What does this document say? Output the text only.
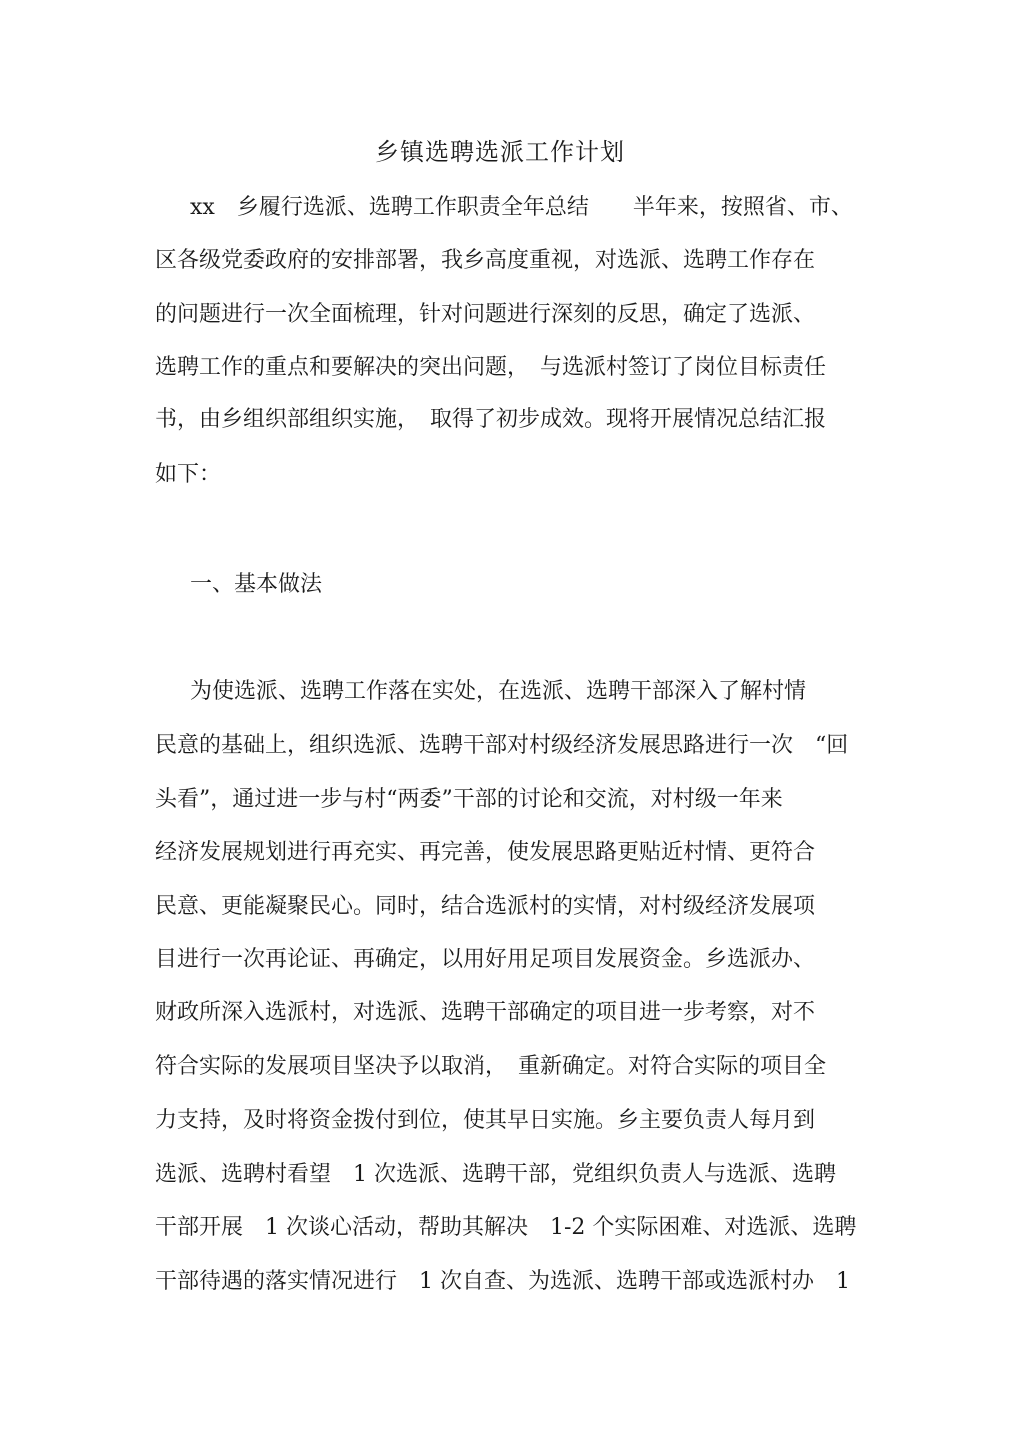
乡镇选聘选派工作计划
xx　乡履行选派、选聘工作职责全年总结　　半年来，按照省、市、
区各级党委政府的安排部署，我乡高度重视，对选派、选聘工作存在
的问题进行一次全面梳理，针对问题进行深刻的反思，确定了选派、
选聘工作的重点和要解决的突出问题，　与选派村签订了岗位目标责任
书，由乡组织部组织实施，　取得了初步成效。现将开展情况总结汇报
如下：
一、基本做法
为使选派、选聘工作落在实处，在选派、选聘干部深入了解村情
民意的基础上，组织选派、选聘干部对村级经济发展思路进行一次　“回
头看”，通过进一步与村“两委”干部的讨论和交流，对村级一年来
经济发展规划进行再充实、再完善，使发展思路更贴近村情、更符合
民意、更能凝聚民心。同时，结合选派村的实情，对村级经济发展项
目进行一次再论证、再确定，以用好用足项目发展资金。乡选派办、
财政所深入选派村，对选派、选聘干部确定的项目进一步考察，对不
符合实际的发展项目坚决予以取消，　重新确定。对符合实际的项目全
力支持，及时将资金拨付到位，使其早日实施。乡主要负责人每月到
选派、选聘村看望　1 次选派、选聘干部，党组织负责人与选派、选聘
干部开展　1 次谈心活动，帮助其解决　1-2 个实际困难、对选派、选聘
干部待遇的落实情况进行　1 次自查、为选派、选聘干部或选派村办　1
